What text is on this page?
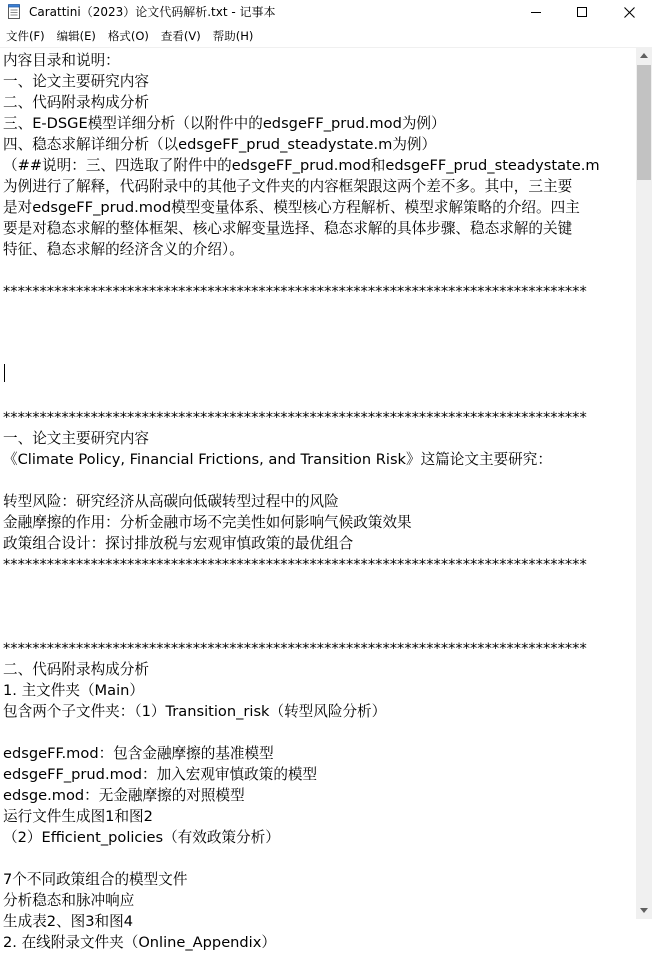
Carattini（2023）论文代码解析.txt - 记事本
文件(F)	编辑(E)	格式(O)	查看(V)	帮助(H)
内容目录和说明：
一、论文主要研究内容
二、代码附录构成分析
三、E-DSGE模型详细分析（以附件中的edsgeFF_prud.mod为例）
四、稳态求解详细分析（以edsgeFF_prud_steadystate.m为例）
（##说明：三、四选取了附件中的edsgeFF_prud.mod和edsgeFF_prud_steadystate.m
为例进行了解释，代码附录中的其他子文件夹的内容框架跟这两个差不多。其中，三主要
是对edsgeFF_prud.mod模型变量体系、模型核心方程解析、模型求解策略的介绍。四主
要是对稳态求解的整体框架、核心求解变量选择、稳态求解的具体步骤、稳态求解的关键
特征、稳态求解的经济含义的介绍）。
********************************************************************************
********************************************************************************
一、论文主要研究内容
《Climate Policy, Financial Frictions, and Transition Risk》这篇论文主要研究：
转型风险：研究经济从高碳向低碳转型过程中的风险
金融摩擦的作用：分析金融市场不完美性如何影响气候政策效果
政策组合设计：探讨排放税与宏观审慎政策的最优组合
********************************************************************************
********************************************************************************
二、代码附录构成分析
1. 主文件夹（Main）
包含两个子文件夹：（1）Transition_risk（转型风险分析）
edsgeFF.mod：包含金融摩擦的基准模型
edsgeFF_prud.mod：加入宏观审慎政策的模型
edsge.mod：无金融摩擦的对照模型
运行文件生成图1和图2
（2）Efficient_policies（有效政策分析）
7个不同政策组合的模型文件
分析稳态和脉冲响应
生成表2、图3和图4
2. 在线附录文件夹（Online_Appendix）
